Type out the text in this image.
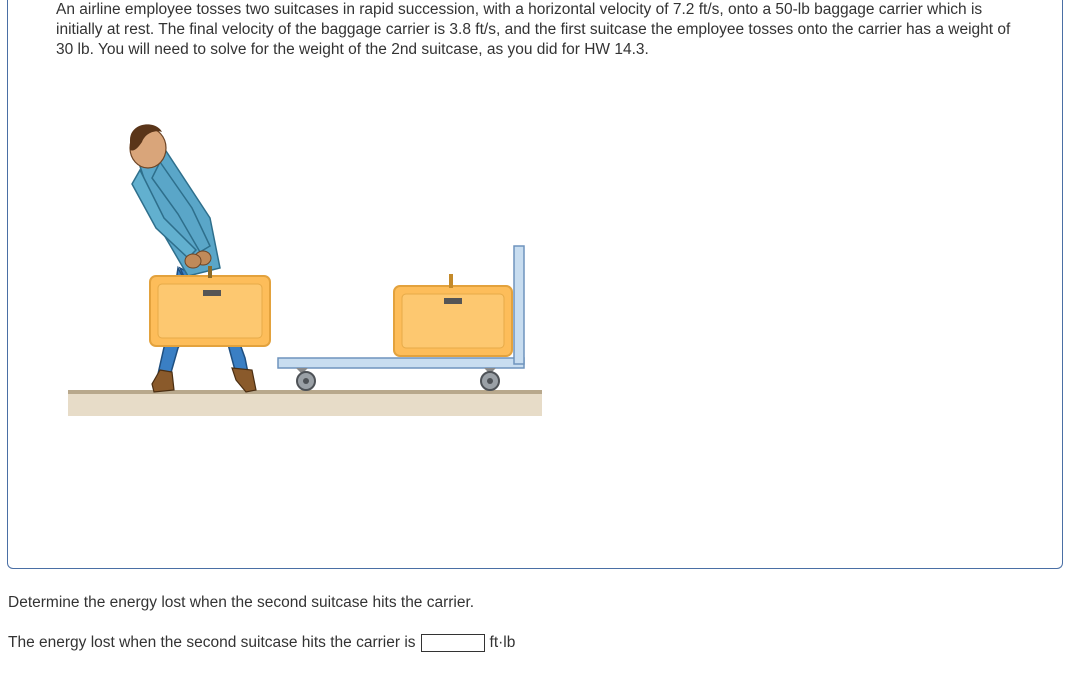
An airline employee tosses two suitcases in rapid succession, with a horizontal velocity of 7.2 ft/s, onto a 50-lb baggage carrier which is initially at rest. The final velocity of the baggage carrier is 3.8 ft/s, and the first suitcase the employee tosses onto the carrier has a weight of 30 lb. You will need to solve for the weight of the 2nd suitcase, as you did for HW 14.3.

Determine the energy lost when the second suitcase hits the carrier.

The energy lost when the second suitcase hits the carrier is	ft·lb
